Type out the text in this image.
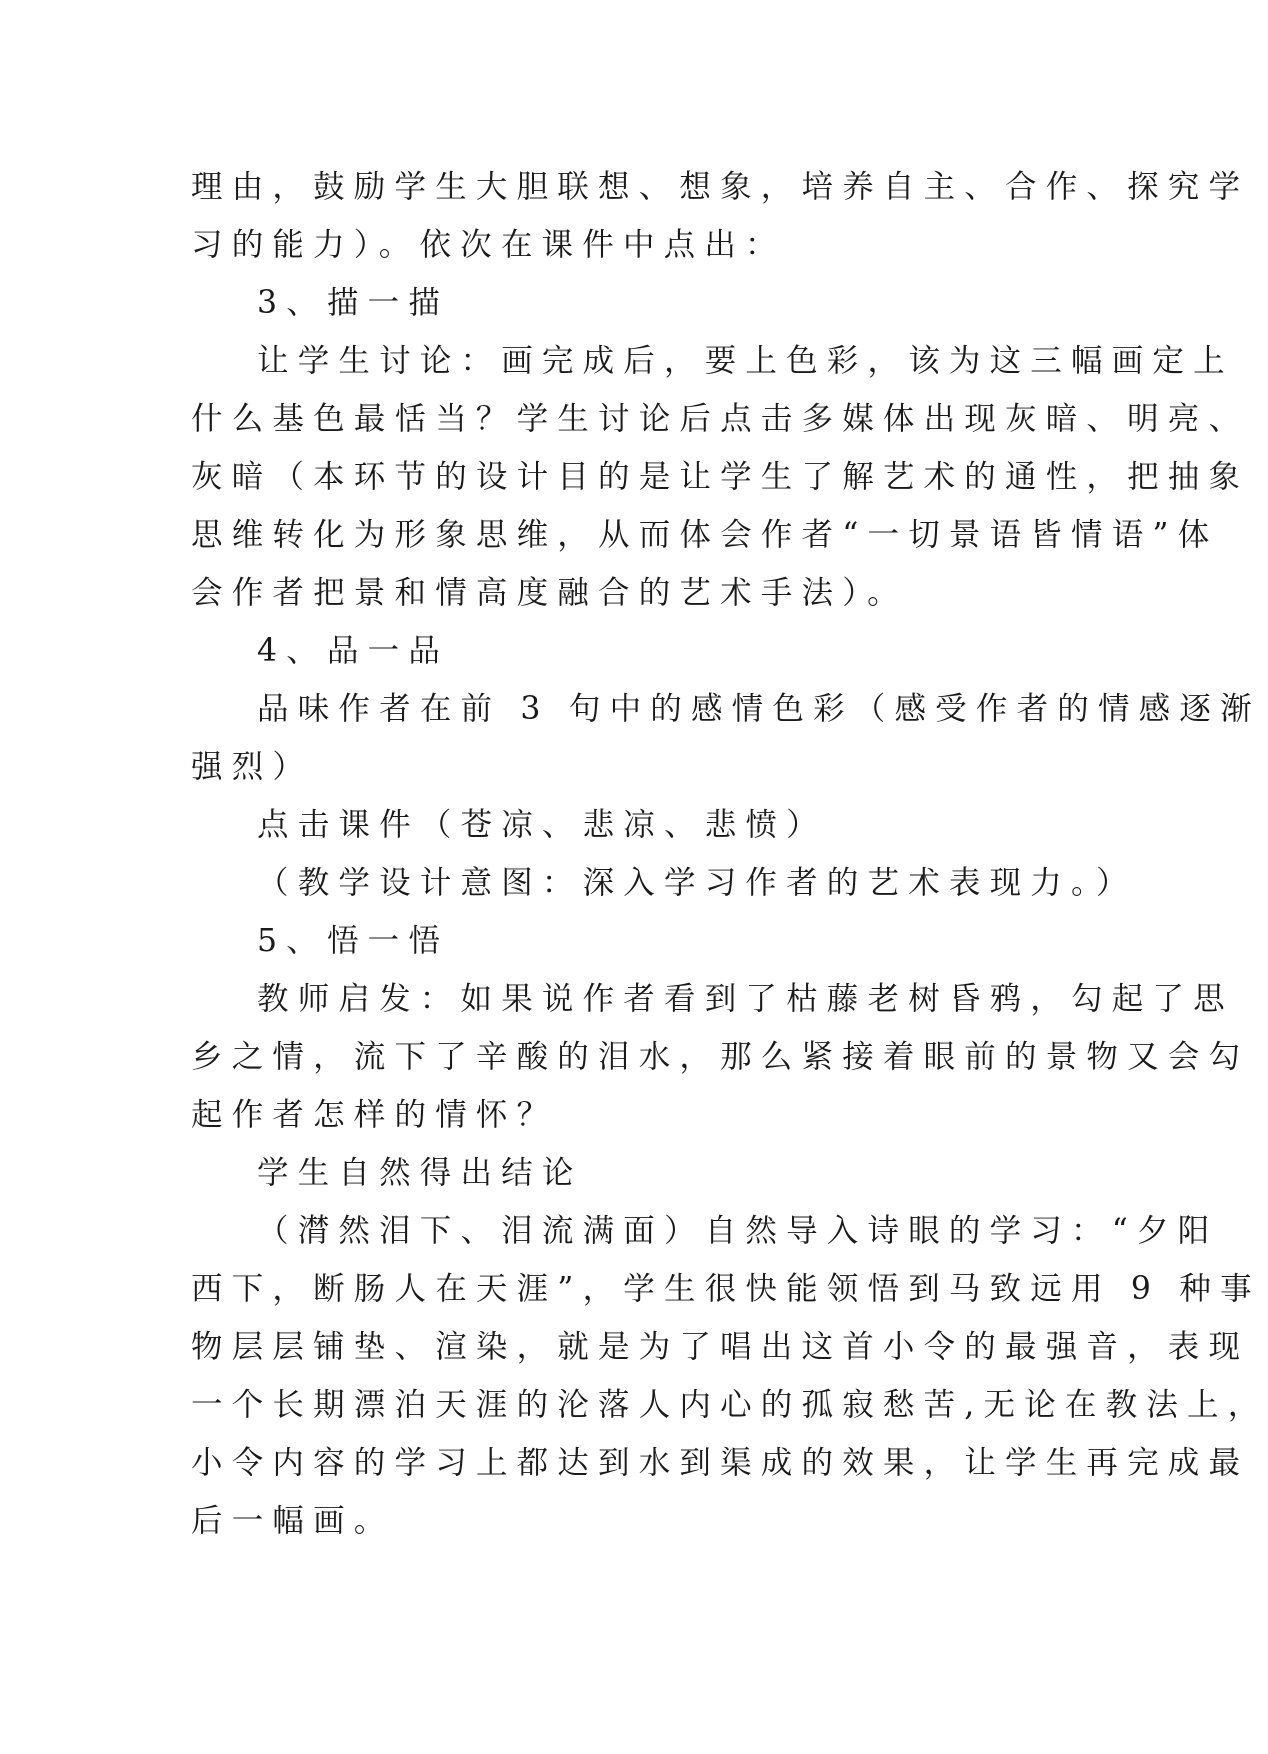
理由，鼓励学生大胆联想、想象，培养自主、合作、探究学
习的能力）。依次在课件中点出：
3、描一描
让学生讨论：画完成后，要上色彩，该为这三幅画定上
什么基色最恬当？学生讨论后点击多媒体出现灰暗、明亮、
灰暗（本环节的设计目的是让学生了解艺术的通性，把抽象
思维转化为形象思维，从而体会作者“一切景语皆情语”体
会作者把景和情高度融合的艺术手法）。
4、品一品
品味作者在前 3 句中的感情色彩（感受作者的情感逐渐
强烈）
点击课件（苍凉、悲凉、悲愤）
（教学设计意图：深入学习作者的艺术表现力。）
5、悟一悟
教师启发：如果说作者看到了枯藤老树昏鸦，勾起了思
乡之情，流下了辛酸的泪水，那么紧接着眼前的景物又会勾
起作者怎样的情怀？
学生自然得出结论
（潸然泪下、泪流满面）自然导入诗眼的学习：“夕阳
西下，断肠人在天涯”，学生很快能领悟到马致远用 9 种事
物层层铺垫、渲染，就是为了唱出这首小令的最强音，表现
一个长期漂泊天涯的沦落人内心的孤寂愁苦,无论在教法上，
小令内容的学习上都达到水到渠成的效果，让学生再完成最
后一幅画。
